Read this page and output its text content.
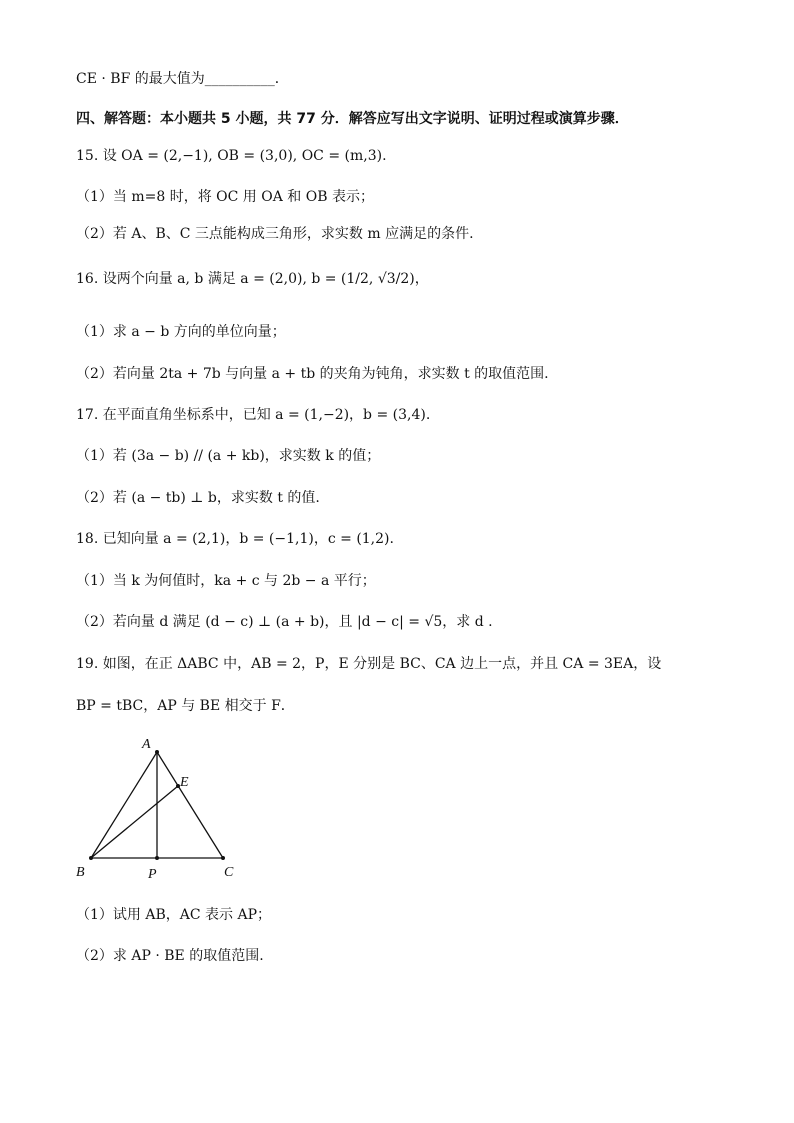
CE · BF 的最大值为__________．
四、解答题：本小题共 5 小题，共 77 分．解答应写出文字说明、证明过程或演算步骤．
15. 设 OA = (2,−1), OB = (3,0), OC = (m,3).
（1）当 m=8 时，将 OC 用 OA 和 OB 表示；
（2）若 A、B、C 三点能构成三角形，求实数 m 应满足的条件.
16. 设两个向量 a, b 满足 a = (2,0), b = (1/2, √3/2)，
（1）求 a − b 方向的单位向量；
（2）若向量 2ta + 7b 与向量 a + tb 的夹角为钝角，求实数 t 的取值范围.
17. 在平面直角坐标系中，已知 a = (1,−2)，b = (3,4).
（1）若 (3a − b) // (a + kb)，求实数 k 的值；
（2）若 (a − tb) ⊥ b，求实数 t 的值.
18. 已知向量 a = (2,1)，b = (−1,1)，c = (1,2).
（1）当 k 为何值时，ka + c 与 2b − a 平行；
（2）若向量 d 满足 (d − c) ⊥ (a + b)，且 |d − c| = √5，求 d .
19. 如图，在正 ΔABC 中，AB = 2，P，E 分别是 BC、CA 边上一点，并且 CA = 3EA，设
BP = tBC，AP 与 BE 相交于 F．
A
B	C
E
P
（1）试用 AB，AC 表示 AP；
（2）求 AP · BE 的取值范围.
